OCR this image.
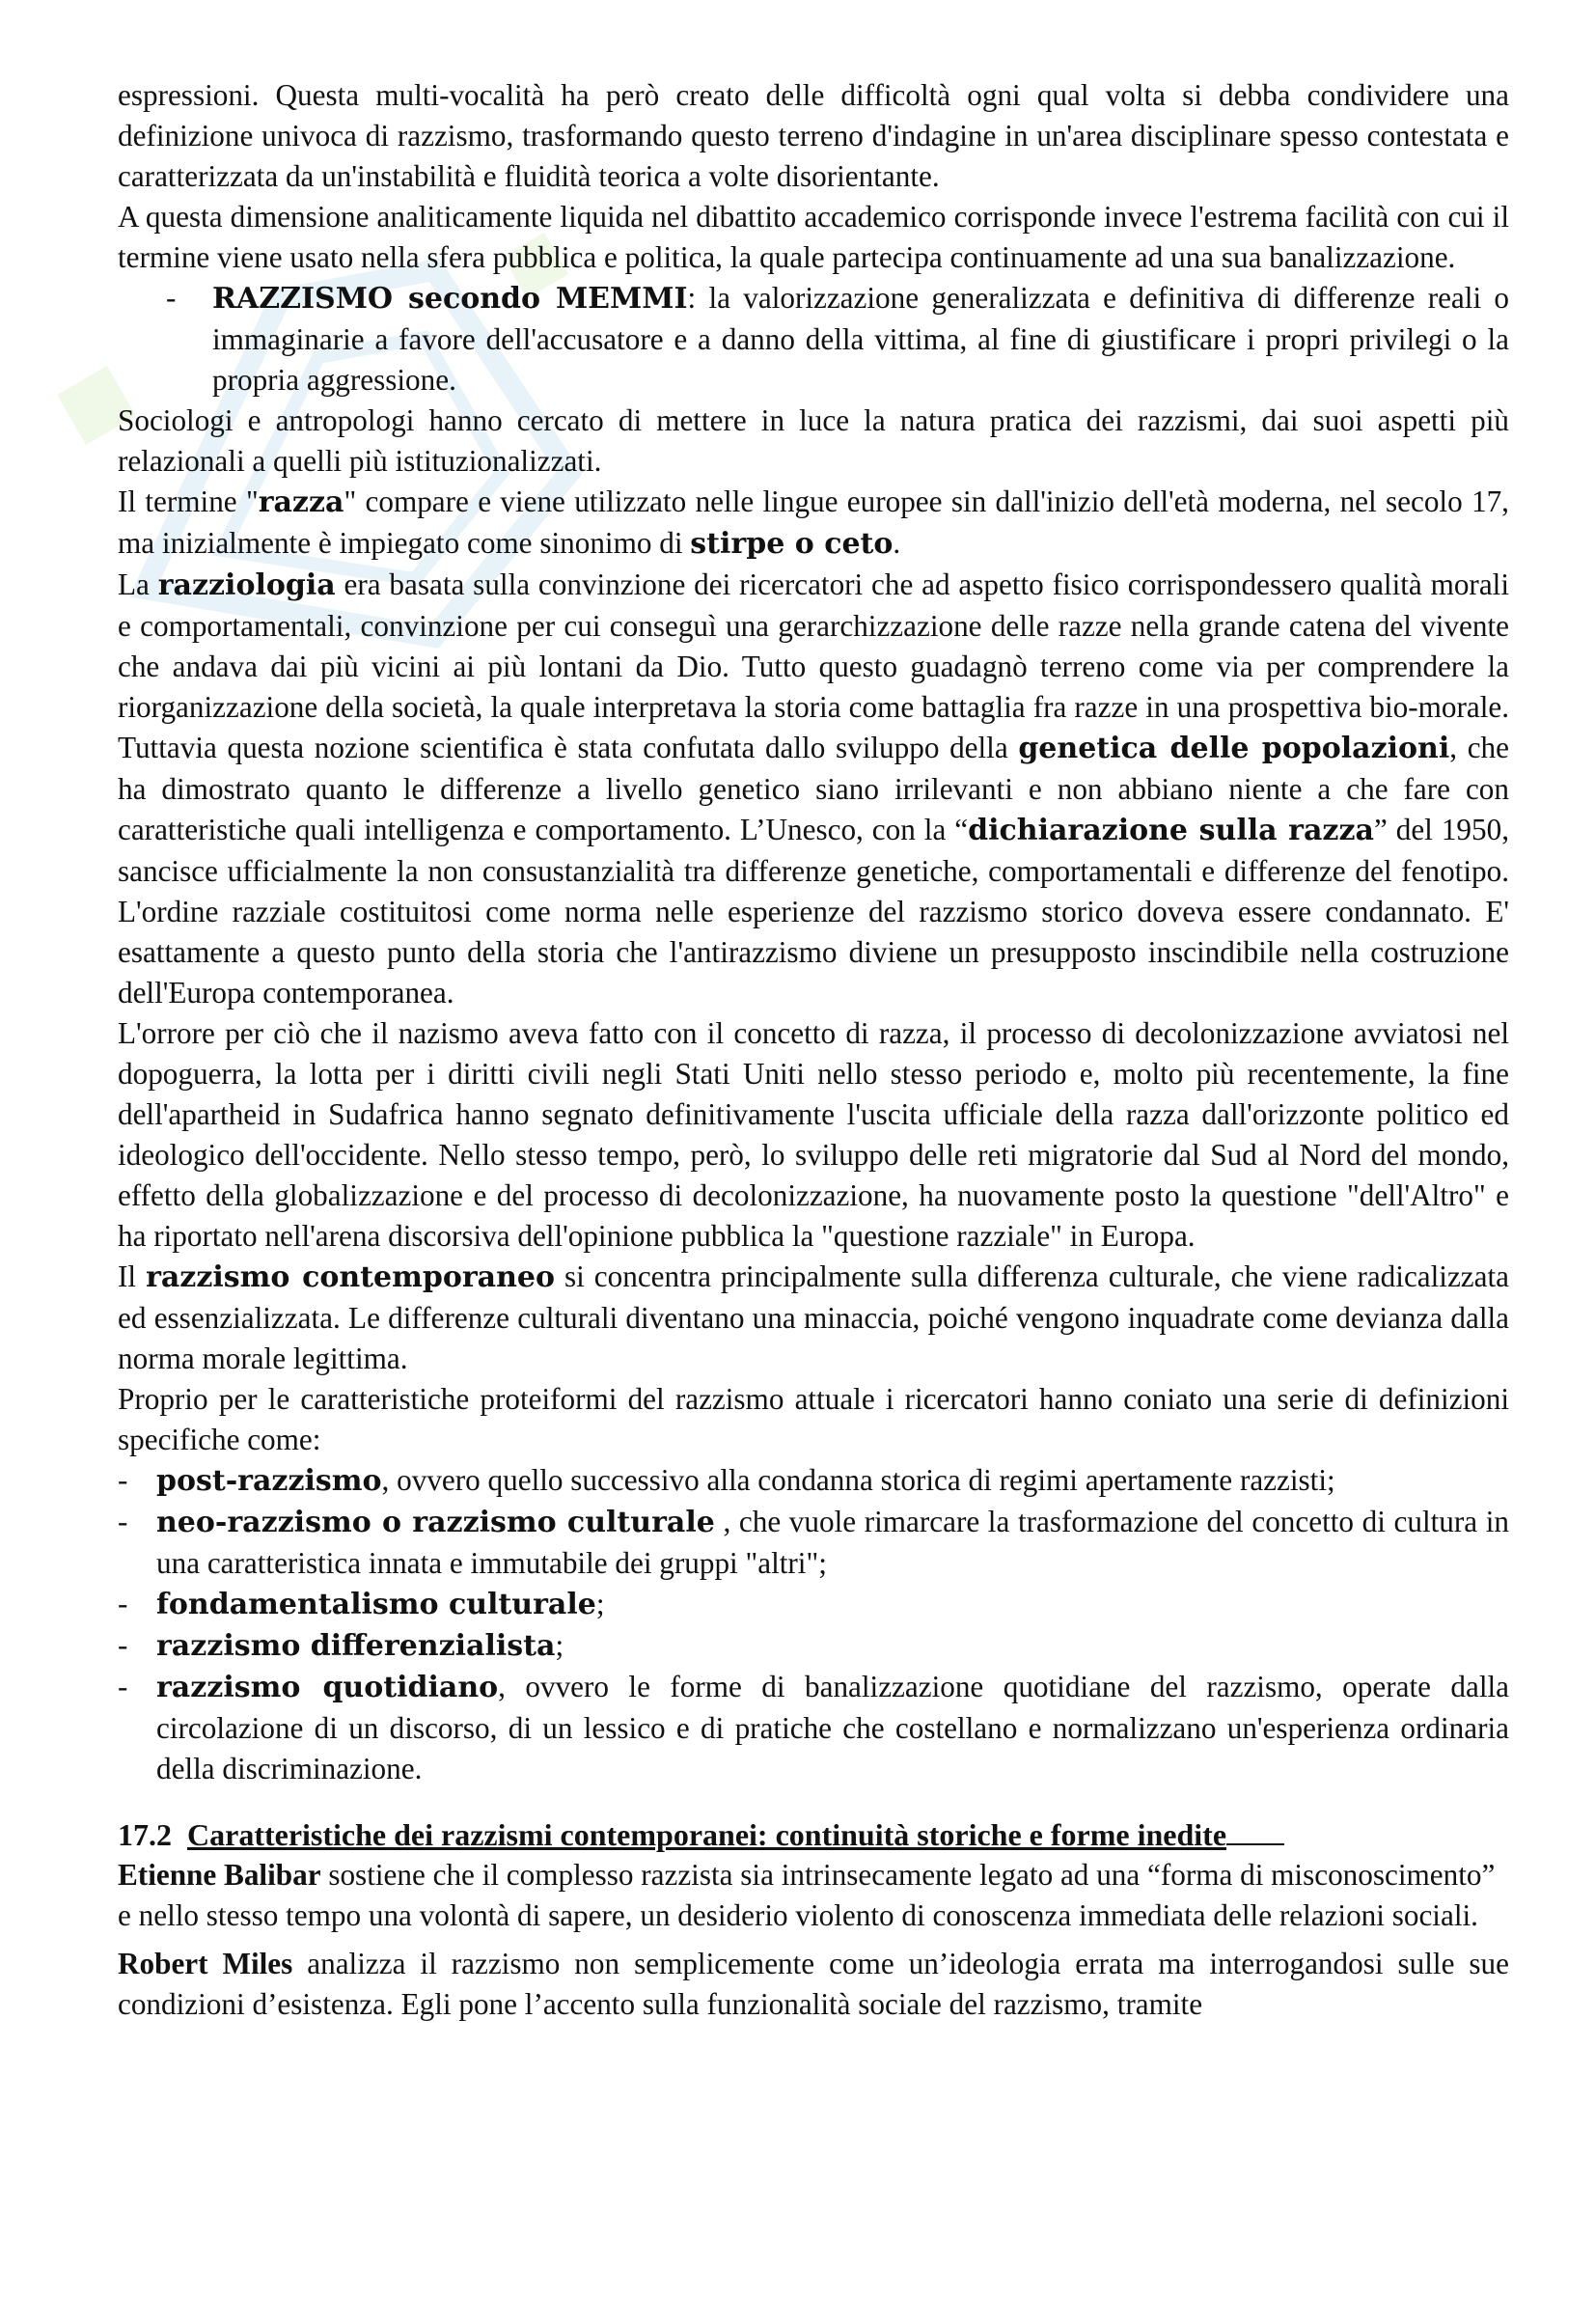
espressioni. Questa multi-vocalità ha però creato delle difficoltà ogni qual volta si debba condividere una definizione univoca di razzismo, trasformando questo terreno d'indagine in un'area disciplinare spesso contestata e caratterizzata da un'instabilità e fluidità teorica a volte disorientante.

A questa dimensione analiticamente liquida nel dibattito accademico corrisponde invece l'estrema facilità con cui il termine viene usato nella sfera pubblica e politica, la quale partecipa continuamente ad una sua banalizzazione.

- RAZZISMO secondo MEMMI: la valorizzazione generalizzata e definitiva di differenze reali o immaginarie a favore dell'accusatore e a danno della vittima, al fine di giustificare i propri privilegi o la propria aggressione.

Sociologi e antropologi hanno cercato di mettere in luce la natura pratica dei razzismi, dai suoi aspetti più relazionali a quelli più istituzionalizzati.

Il termine "razza" compare e viene utilizzato nelle lingue europee sin dall'inizio dell'età moderna, nel secolo 17, ma inizialmente è impiegato come sinonimo di stirpe o ceto.

La razziologia era basata sulla convinzione dei ricercatori che ad aspetto fisico corrispondessero qualità morali e comportamentali, convinzione per cui conseguì una gerarchizzazione delle razze nella grande catena del vivente che andava dai più vicini ai più lontani da Dio. Tutto questo guadagnò terreno come via per comprendere la riorganizzazione della società, la quale interpretava la storia come battaglia fra razze in una prospettiva bio-morale. Tuttavia questa nozione scientifica è stata confutata dallo sviluppo della genetica delle popolazioni, che ha dimostrato quanto le differenze a livello genetico siano irrilevanti e non abbiano niente a che fare con caratteristiche quali intelligenza e comportamento. L’Unesco, con la “dichiarazione sulla razza” del 1950, sancisce ufficialmente la non consustanzialità tra differenze genetiche, comportamentali e differenze del fenotipo. L'ordine razziale costituitosi come norma nelle esperienze del razzismo storico doveva essere condannato. E' esattamente a questo punto della storia che l'antirazzismo diviene un presupposto inscindibile nella costruzione dell'Europa contemporanea.

L'orrore per ciò che il nazismo aveva fatto con il concetto di razza, il processo di decolonizzazione avviatosi nel dopoguerra, la lotta per i diritti civili negli Stati Uniti nello stesso periodo e, molto più recentemente, la fine dell'apartheid in Sudafrica hanno segnato definitivamente l'uscita ufficiale della razza dall'orizzonte politico ed ideologico dell'occidente. Nello stesso tempo, però, lo sviluppo delle reti migratorie dal Sud al Nord del mondo, effetto della globalizzazione e del processo di decolonizzazione, ha nuovamente posto la questione "dell'Altro" e ha riportato nell'arena discorsiva dell'opinione pubblica la "questione razziale" in Europa.

Il razzismo contemporaneo si concentra principalmente sulla differenza culturale, che viene radicalizzata ed essenzializzata. Le differenze culturali diventano una minaccia, poiché vengono inquadrate come devianza dalla norma morale legittima.

Proprio per le caratteristiche proteiformi del razzismo attuale i ricercatori hanno coniato una serie di definizioni specifiche come:

- post-razzismo, ovvero quello successivo alla condanna storica di regimi apertamente razzisti;

- neo-razzismo o razzismo culturale , che vuole rimarcare la trasformazione del concetto di cultura in una caratteristica innata e immutabile dei gruppi "altri";

- fondamentalismo culturale;

- razzismo differenzialista;

- razzismo quotidiano, ovvero le forme di banalizzazione quotidiane del razzismo, operate dalla circolazione di un discorso, di un lessico e di pratiche che costellano e normalizzano un'esperienza ordinaria della discriminazione.

17.2 Caratteristiche dei razzismi contemporanei: continuità storiche e forme inedite

Etienne Balibar sostiene che il complesso razzista sia intrinsecamente legato ad una “forma di misconoscimento” e nello stesso tempo una volontà di sapere, un desiderio violento di conoscenza immediata delle relazioni sociali.

Robert Miles analizza il razzismo non semplicemente come un’ideologia errata ma interrogandosi sulle sue condizioni d’esistenza. Egli pone l’accento sulla funzionalità sociale del razzismo, tramite
